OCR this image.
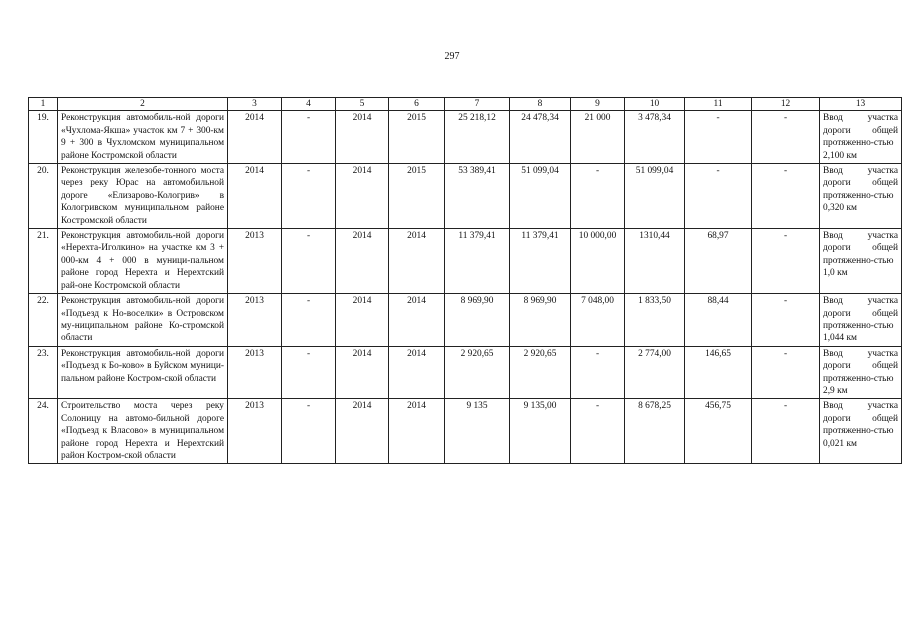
297
1	2	3	4	5	6	7	8	9	10	11	12	13
19.	Реконструкция автомобиль-ной дороги «Чухлома-Якша» участок км 7 + 300-км 9 + 300 в Чухломском муниципальном районе Костромской области	2014	-	2014	2015	25 218,12	24 478,34	21 000	3 478,34	-	-	Ввод участка дороги общей протяженно-стью 2,100 км
20.	Реконструкция железобе-тонного моста через реку Юрас на автомобильной дороге «Елизарово-Кологрив» в Кологривском муниципальном районе Костромской области	2014	-	2014	2015	53 389,41	51 099,04	-	51 099,04	-	-	Ввод участка дороги общей протяженно-стью 0,320 км
21.	Реконструкция автомобиль-ной дороги «Нерехта-Иголкино» на участке км 3 + 000-км 4 + 000 в муници-пальном районе город Нерехта и Нерехтский рай-оне Костромской области	2013	-	2014	2014	11 379,41	11 379,41	10 000,00	1310,44	68,97	-	Ввод участка дороги общей протяженно-стью 1,0 км
22.	Реконструкция автомобиль-ной дороги «Подъезд к Но-воселки» в Островском му-ниципальном районе Ко-стромской области	2013	-	2014	2014	8 969,90	8 969,90	7 048,00	1 833,50	88,44	-	Ввод участка дороги общей протяженно-стью 1,044 км
23.	Реконструкция автомобиль-ной дороги «Подъезд к Бо-ково» в Буйском муници-пальном районе Костром-ской области	2013	-	2014	2014	2 920,65	2 920,65	-	2 774,00	146,65	-	Ввод участка дороги общей протяженно-стью 2,9 км
24.	Строительство моста через реку Солоницу на автомо-бильной дороге «Подъезд к Власово» в муниципальном районе город Нерехта и Нерехтский район Костром-ской области	2013	-	2014	2014	9 135	9 135,00	-	8 678,25	456,75	-	Ввод участка дороги общей протяженно-стью 0,021 км
